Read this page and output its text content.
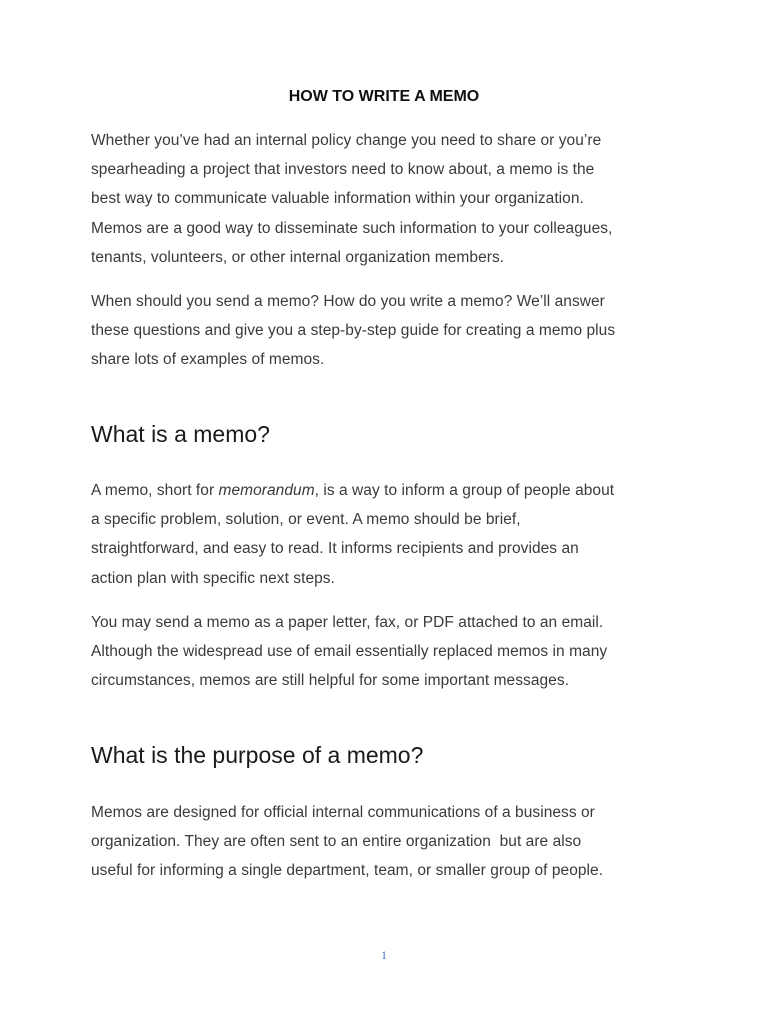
HOW TO WRITE A MEMO

Whether you’ve had an internal policy change you need to share or you’re
spearheading a project that investors need to know about, a memo is the
best way to communicate valuable information within your organization.
Memos are a good way to disseminate such information to your colleagues,
tenants, volunteers, or other internal organization members.

When should you send a memo? How do you write a memo? We’ll answer
these questions and give you a step-by-step guide for creating a memo plus
share lots of examples of memos.

What is a memo?

A memo, short for memorandum, is a way to inform a group of people about
a specific problem, solution, or event. A memo should be brief,
straightforward, and easy to read. It informs recipients and provides an
action plan with specific next steps.

You may send a memo as a paper letter, fax, or PDF attached to an email.
Although the widespread use of email essentially replaced memos in many
circumstances, memos are still helpful for some important messages.

What is the purpose of a memo?

Memos are designed for official internal communications of a business or
organization. They are often sent to an entire organization  but are also
useful for informing a single department, team, or smaller group of people.

1
